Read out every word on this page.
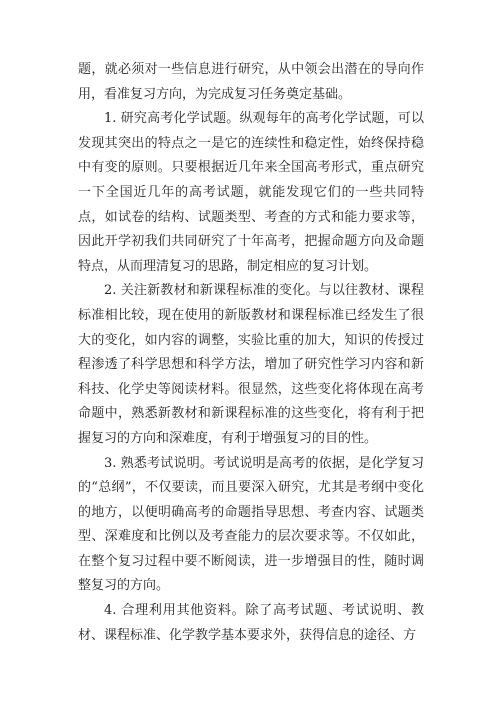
题，就必须对一些信息进行研究，从中领会出潜在的导向作用，看准复习方向，为完成复习任务奠定基础。

1. 研究高考化学试题。纵观每年的高考化学试题，可以发现其突出的特点之一是它的连续性和稳定性，始终保持稳中有变的原则。只要根据近几年来全国高考形式，重点研究一下全国近几年的高考试题，就能发现它们的一些共同特点，如试卷的结构、试题类型、考查的方式和能力要求等，因此开学初我们共同研究了十年高考，把握命题方向及命题特点，从而理清复习的思路，制定相应的复习计划。

2. 关注新教材和新课程标准的变化。与以往教材、课程标准相比较，现在使用的新版教材和课程标准已经发生了很大的变化，如内容的调整，实验比重的加大，知识的传授过程渗透了科学思想和科学方法，增加了研究性学习内容和新科技、化学史等阅读材料。很显然，这些变化将体现在高考命题中，熟悉新教材和新课程标准的这些变化，将有利于把握复习的方向和深难度，有利于增强复习的目的性。

3. 熟悉考试说明。考试说明是高考的依据，是化学复习的“总纲”，不仅要读，而且要深入研究，尤其是考纲中变化的地方，以便明确高考的命题指导思想、考查内容、试题类型、深难度和比例以及考查能力的层次要求等。不仅如此，在整个复习过程中要不断阅读，进一步增强目的性，随时调整复习的方向。

4. 合理利用其他资料。除了高考试题、考试说明、教材、课程标准、化学教学基本要求外，获得信息的途径、方
